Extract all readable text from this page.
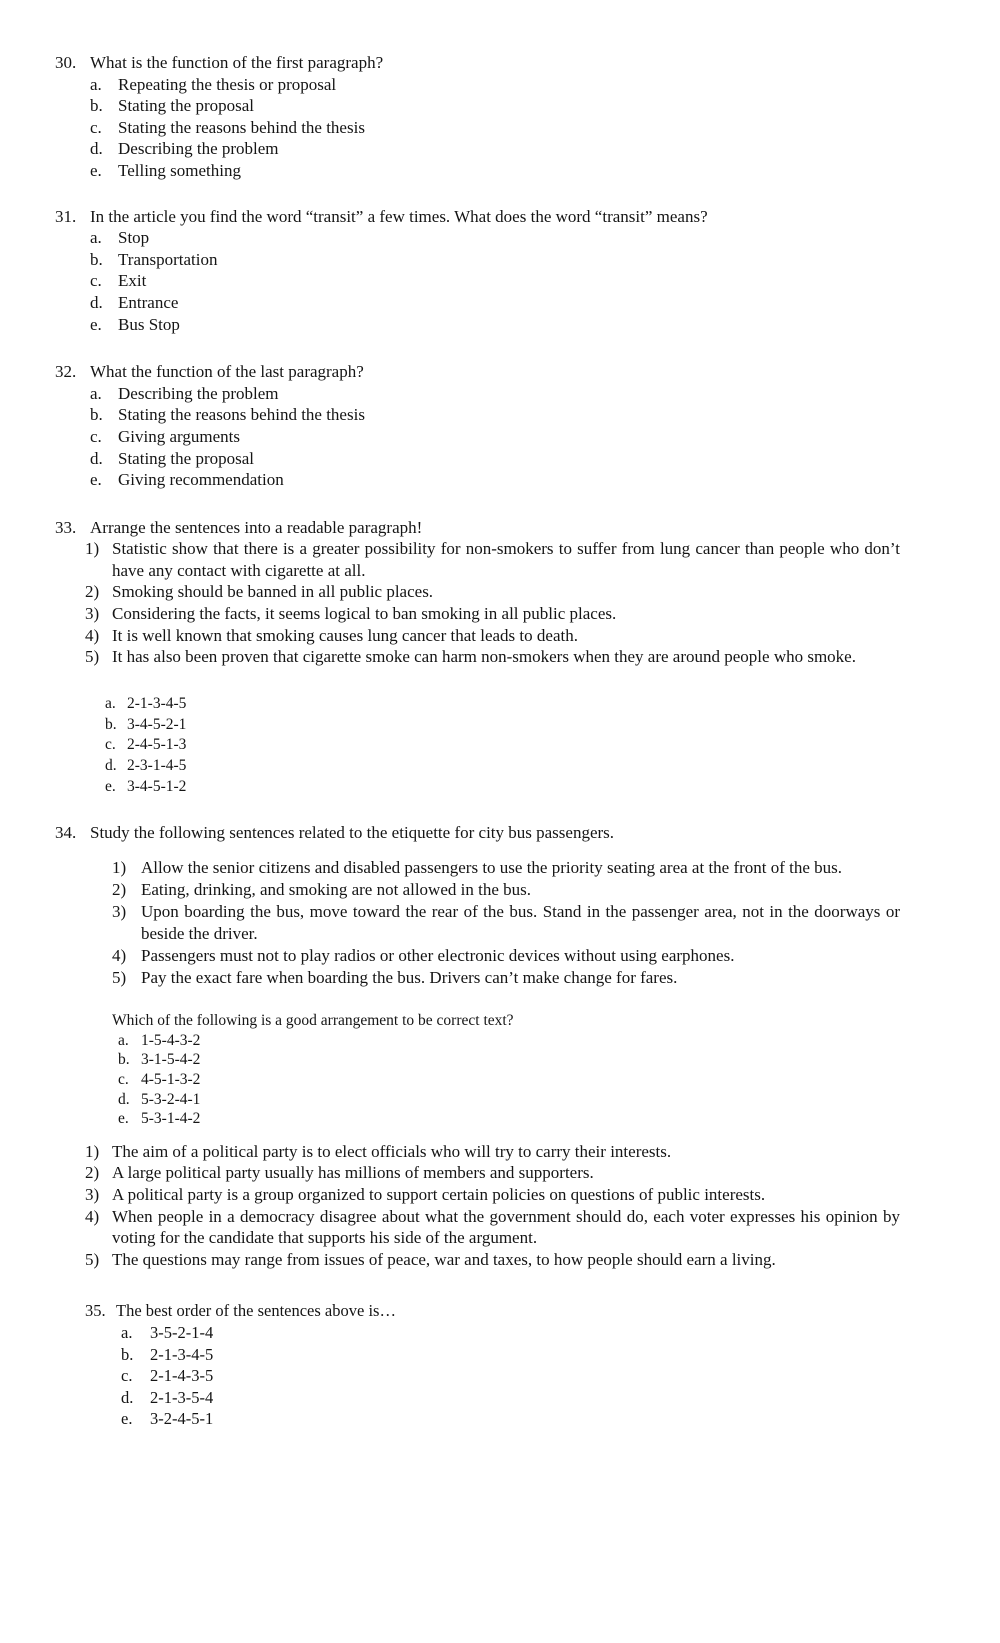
30. What is the function of the first paragraph?
a. Repeating the thesis or proposal
b. Stating the proposal
c. Stating the reasons behind the thesis
d. Describing the problem
e. Telling something
31. In the article you find the word “transit” a few times. What does the word “transit” means?
a. Stop
b. Transportation
c. Exit
d. Entrance
e. Bus Stop
32. What the function of the last paragraph?
a. Describing the problem
b. Stating the reasons behind the thesis
c. Giving arguments
d. Stating the proposal
e. Giving recommendation
33. Arrange the sentences into a readable paragraph!
1) Statistic show that there is a greater possibility for non-smokers to suffer from lung cancer than people who don’t have any contact with cigarette at all.
2) Smoking should be banned in all public places.
3) Considering the facts, it seems logical to ban smoking in all public places.
4) It is well known that smoking causes lung cancer that leads to death.
5) It has also been proven that cigarette smoke can harm non-smokers when they are around people who smoke.
a. 2-1-3-4-5
b. 3-4-5-2-1
c. 2-4-5-1-3
d. 2-3-1-4-5
e. 3-4-5-1-2
34. Study the following sentences related to the etiquette for city bus passengers.
1) Allow the senior citizens and disabled passengers to use the priority seating area at the front of the bus.
2) Eating, drinking, and smoking are not allowed in the bus.
3) Upon boarding the bus, move toward the rear of the bus. Stand in the passenger area, not in the doorways or beside the driver.
4) Passengers must not to play radios or other electronic devices without using earphones.
5) Pay the exact fare when boarding the bus. Drivers can’t make change for fares.
Which of the following is a good arrangement to be correct text?
a. 1-5-4-3-2
b. 3-1-5-4-2
c. 4-5-1-3-2
d. 5-3-2-4-1
e. 5-3-1-4-2
1) The aim of a political party is to elect officials who will try to carry their interests.
2) A large political party usually has millions of members and supporters.
3) A political party is a group organized to support certain policies on questions of public interests.
4) When people in a democracy disagree about what the government should do, each voter expresses his opinion by voting for the candidate that supports his side of the argument.
5) The questions may range from issues of peace, war and taxes, to how people should earn a living.
35. The best order of the sentences above is…
a.	3-5-2-1-4
b.	2-1-3-4-5
c.	2-1-4-3-5
d.	2-1-3-5-4
e.	3-2-4-5-1
